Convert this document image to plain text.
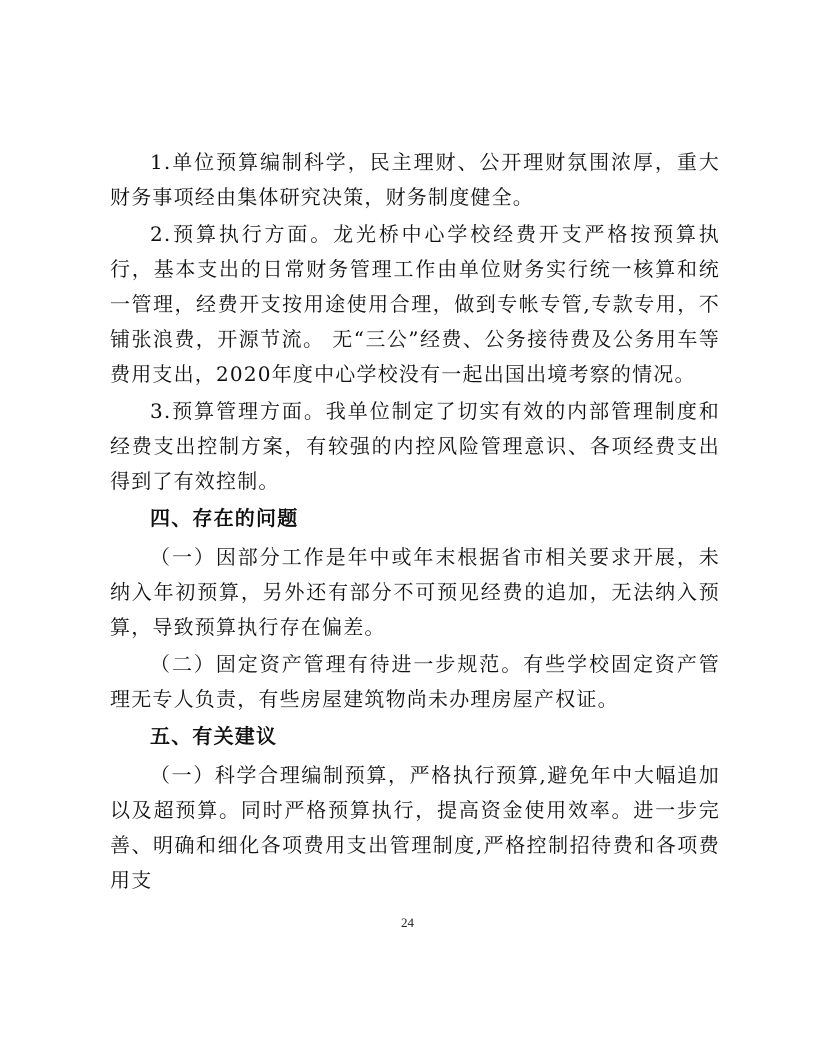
1.单位预算编制科学，民主理财、公开理财氛围浓厚，重大财务事项经由集体研究决策，财务制度健全。

2.预算执行方面。龙光桥中心学校经费开支严格按预算执行，基本支出的日常财务管理工作由单位财务实行统一核算和统一管理，经费开支按用途使用合理，做到专帐专管,专款专用，不铺张浪费，开源节流。 无“三公”经费、公务接待费及公务用车等费用支出，2020年度中心学校没有一起出国出境考察的情况。

3.预算管理方面。我单位制定了切实有效的内部管理制度和经费支出控制方案，有较强的内控风险管理意识、各项经费支出得到了有效控制。

四、存在的问题

（一）因部分工作是年中或年末根据省市相关要求开展，未纳入年初预算，另外还有部分不可预见经费的追加，无法纳入预算，导致预算执行存在偏差。

（二）固定资产管理有待进一步规范。有些学校固定资产管理无专人负责，有些房屋建筑物尚未办理房屋产权证。

五、有关建议

（一）科学合理编制预算，严格执行预算,避免年中大幅追加以及超预算。同时严格预算执行，提高资金使用效率。进一步完善、明确和细化各项费用支出管理制度,严格控制招待费和各项费用支

24
